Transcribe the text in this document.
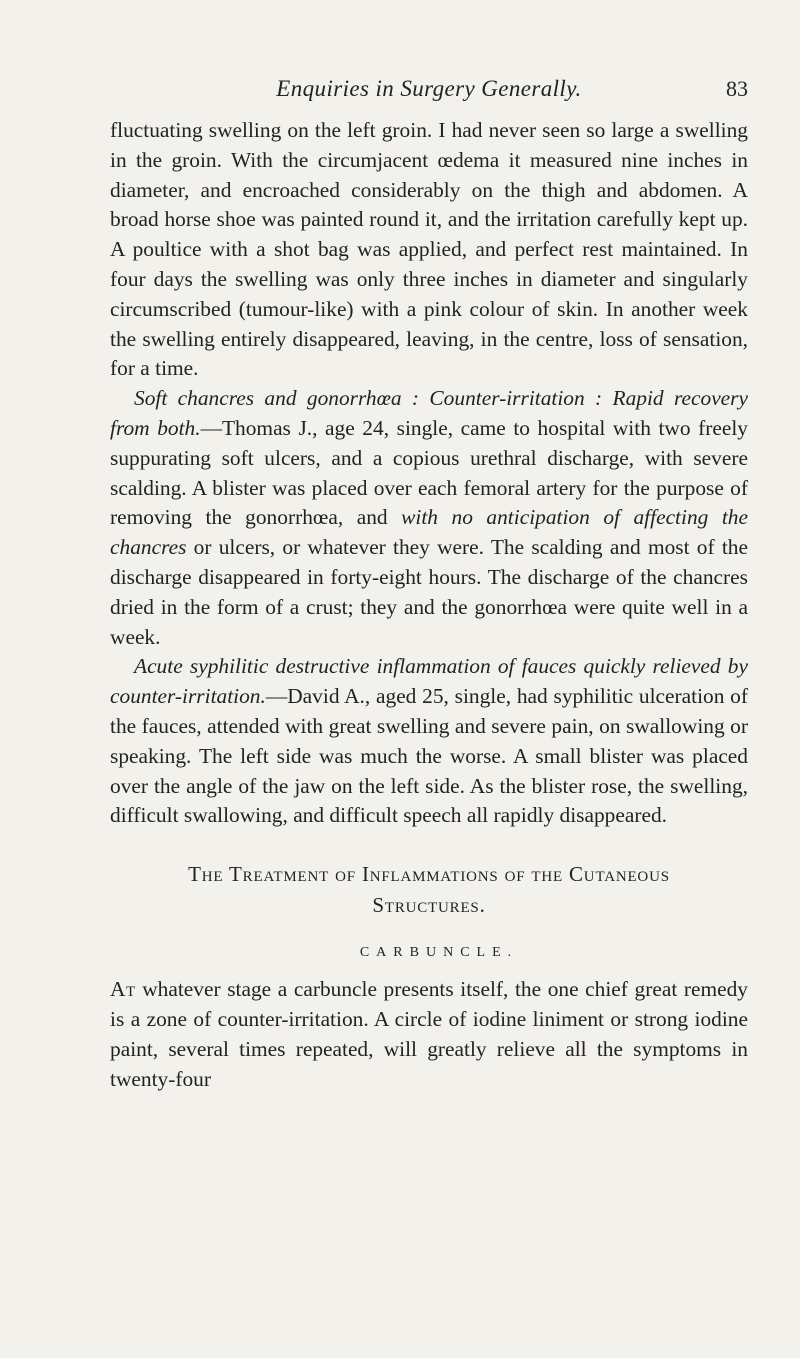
Enquiries in Surgery Generally.	83

fluctuating swelling on the left groin. I had never seen so large a swelling in the groin. With the circumjacent œdema it measured nine inches in diameter, and encroached considerably on the thigh and abdomen. A broad horse shoe was painted round it, and the irritation carefully kept up. A poultice with a shot bag was applied, and perfect rest maintained. In four days the swelling was only three inches in diameter and singularly circumscribed (tumour-like) with a pink colour of skin. In another week the swelling entirely disappeared, leaving, in the centre, loss of sensation, for a time.

Soft chancres and gonorrhœa : Counter-irritation : Rapid recovery from both.—Thomas J., age 24, single, came to hospital with two freely suppurating soft ulcers, and a copious urethral discharge, with severe scalding. A blister was placed over each femoral artery for the purpose of removing the gonorrhœa, and with no anticipation of affecting the chancres or ulcers, or whatever they were. The scalding and most of the discharge disappeared in forty-eight hours. The discharge of the chancres dried in the form of a crust; they and the gonorrhœa were quite well in a week.

Acute syphilitic destructive inflammation of fauces quickly relieved by counter-irritation.—David A., aged 25, single, had syphilitic ulceration of the fauces, attended with great swelling and severe pain, on swallowing or speaking. The left side was much the worse. A small blister was placed over the angle of the jaw on the left side. As the blister rose, the swelling, difficult swallowing, and difficult speech all rapidly disappeared.

The Treatment of Inflammations of the Cutaneous
Structures.
CARBUNCLE.

At whatever stage a carbuncle presents itself, the one chief great remedy is a zone of counter-irritation. A circle of iodine liniment or strong iodine paint, several times repeated, will greatly relieve all the symptoms in twenty-four
